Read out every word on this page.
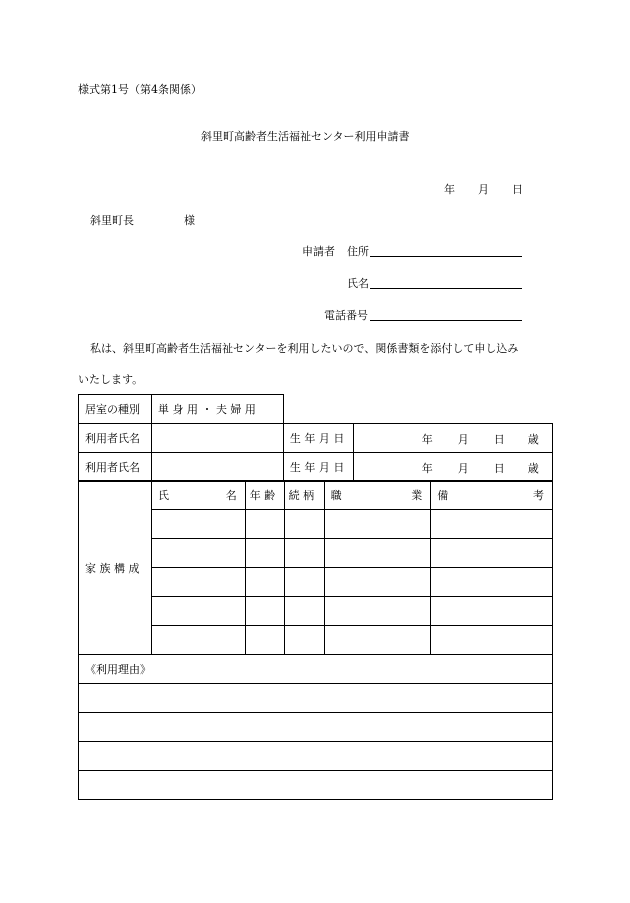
様式第1号（第4条関係）
斜里町高齢者生活福祉センター利用申請書
年 月 日
斜里町長	様
申請者 住所
氏名
電話番号
私は、斜里町高齢者生活福祉センターを利用したいので、関係書類を添付して申し込み
いたします。
居室の種別	単 身 用 ・ 夫 婦 用		
利用者氏名		生 年 月 日	年 月 日 歳

利用者氏名		生 年 月 日	年 月 日 歳
家 族 構 成	氏 名	年 齢	続 柄	職 業	備 考

《利用理由》					
